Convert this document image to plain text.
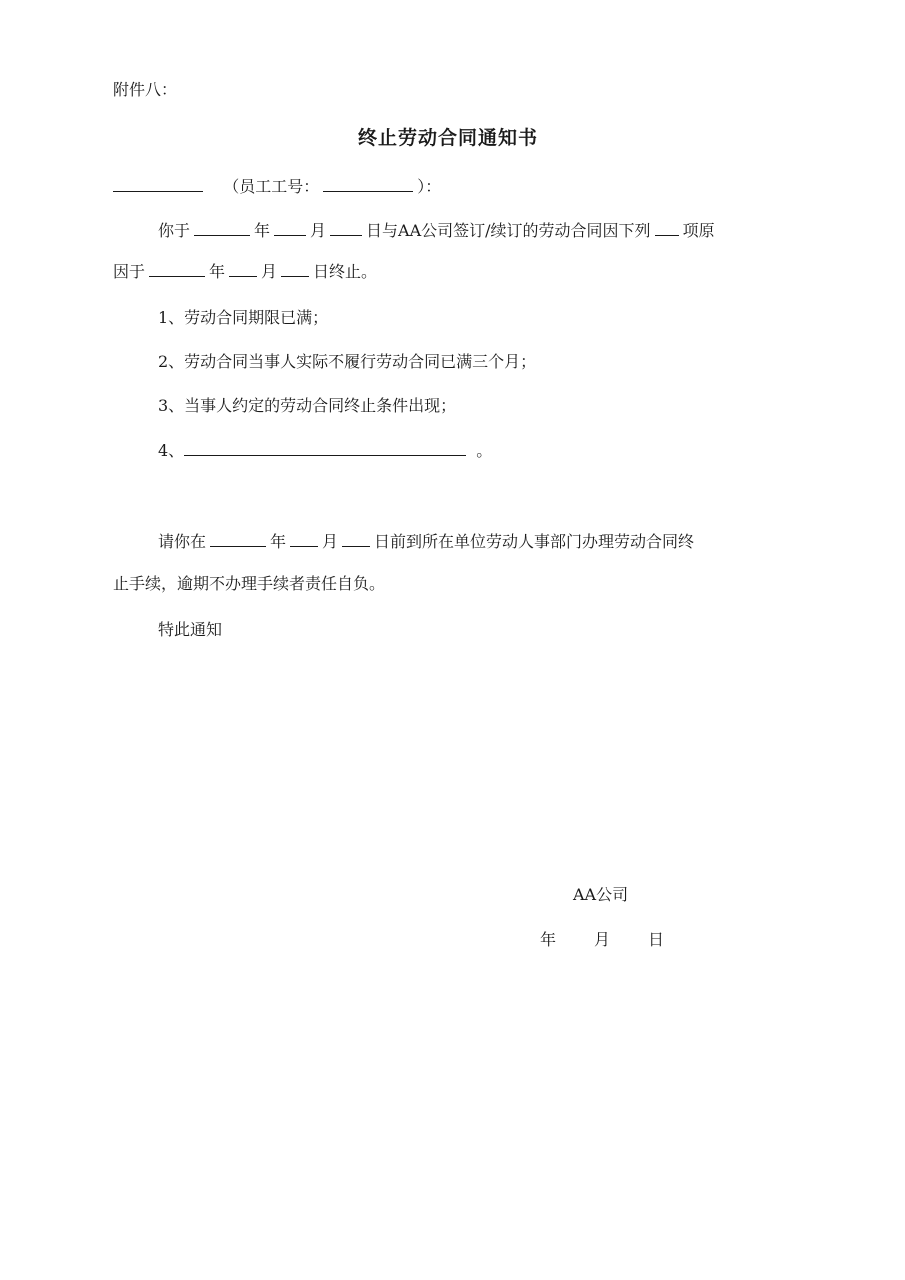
附件八：
终止劳动合同通知书
（员工工号：	）：
你于	年	月	日与AA公司签订/续订的劳动合同因下列 项原
因于	年 月 日终止。
1、劳动合同期限已满；
2、劳动合同当事人实际不履行劳动合同已满三个月；
3、当事人约定的劳动合同终止条件出现；
4、	。
请你在	年 月 日前到所在单位劳动人事部门办理劳动合同终
止手续，逾期不办理手续者责任自负。
特此通知
AA公司
年 月 日
